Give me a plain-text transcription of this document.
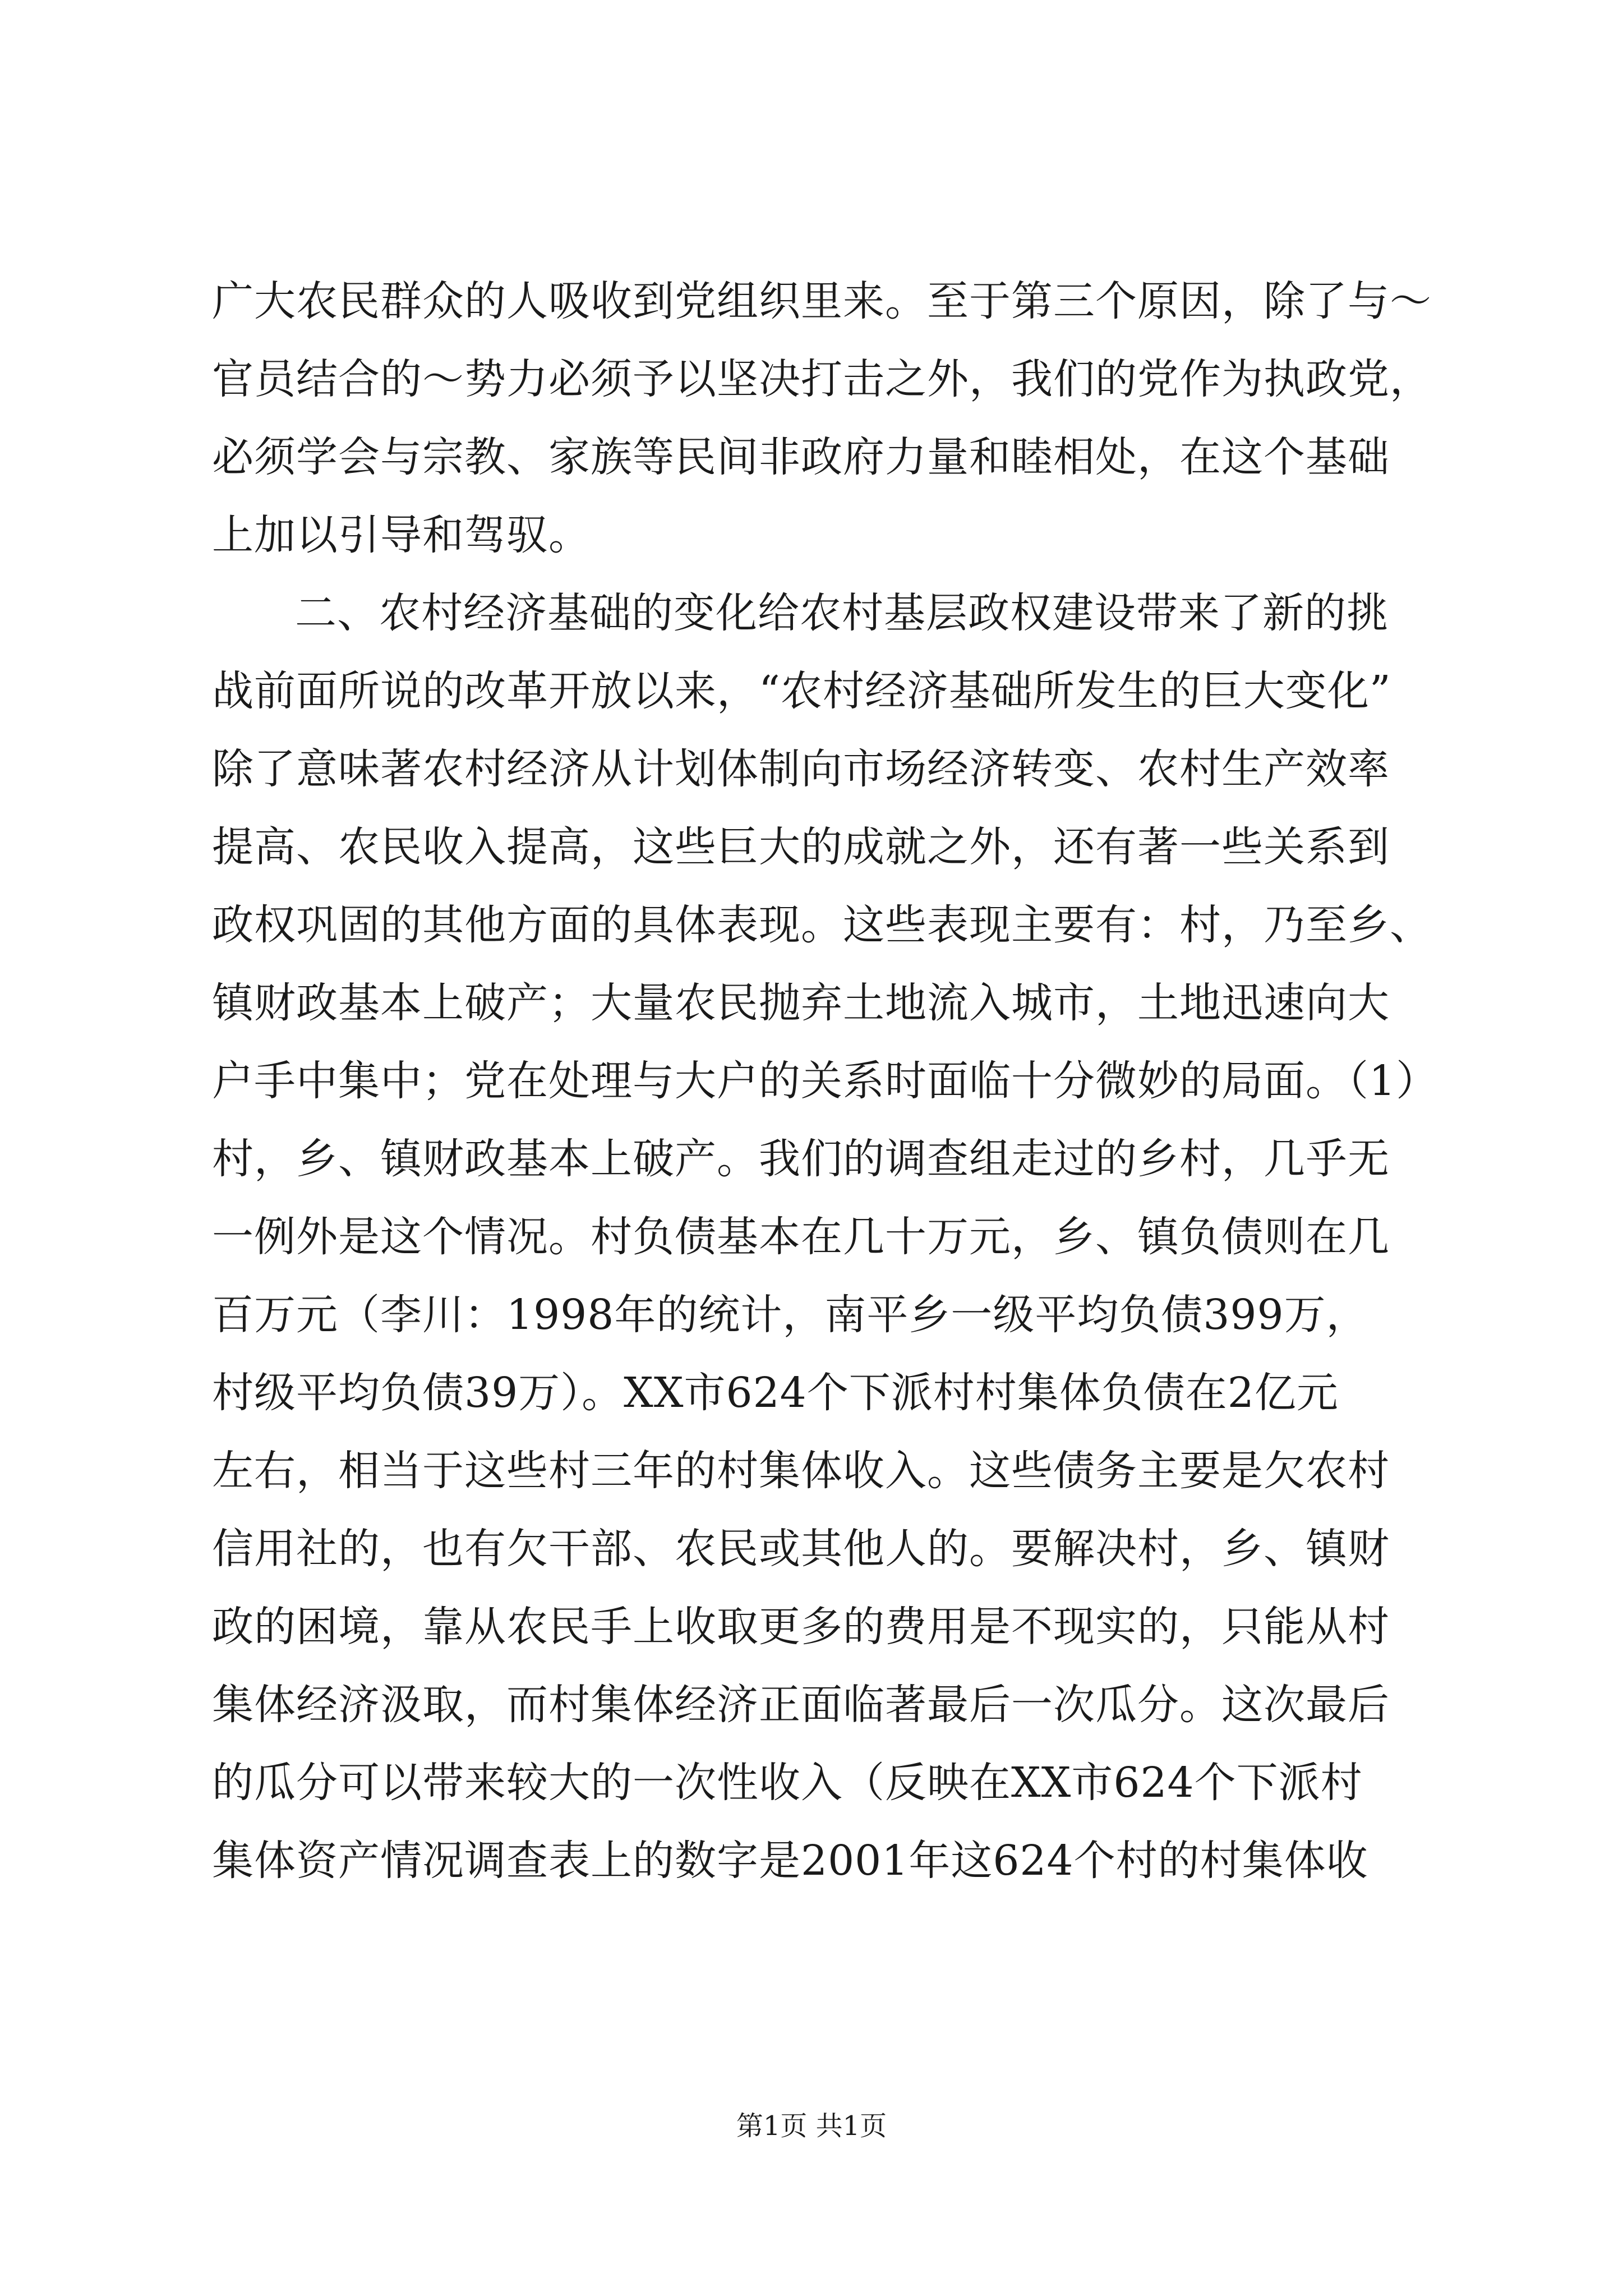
广大农民群众的人吸收到党组织里来。至于第三个原因，除了与～
官员结合的～势力必须予以坚决打击之外，我们的党作为执政党，
必须学会与宗教、家族等民间非政府力量和睦相处，在这个基础
上加以引导和驾驭。
二、农村经济基础的变化给农村基层政权建设带来了新的挑
战前面所说的改革开放以来，“农村经济基础所发生的巨大变化”
除了意味著农村经济从计划体制向市场经济转变、农村生产效率
提高、农民收入提高，这些巨大的成就之外，还有著一些关系到
政权巩固的其他方面的具体表现。这些表现主要有：村，乃至乡、
镇财政基本上破产；大量农民抛弃土地流入城市，土地迅速向大
户手中集中；党在处理与大户的关系时面临十分微妙的局面。（1）
村，乡、镇财政基本上破产。我们的调查组走过的乡村，几乎无
一例外是这个情况。村负债基本在几十万元，乡、镇负债则在几
百万元（李川：1998年的统计，南平乡一级平均负债399万，
村级平均负债39万）。XX市624个下派村村集体负债在2亿元
左右，相当于这些村三年的村集体收入。这些债务主要是欠农村
信用社的，也有欠干部、农民或其他人的。要解决村，乡、镇财
政的困境，靠从农民手上收取更多的费用是不现实的，只能从村
集体经济汲取，而村集体经济正面临著最后一次瓜分。这次最后
的瓜分可以带来较大的一次性收入（反映在XX市624个下派村
集体资产情况调查表上的数字是2001年这624个村的村集体收
第1页 共1页
